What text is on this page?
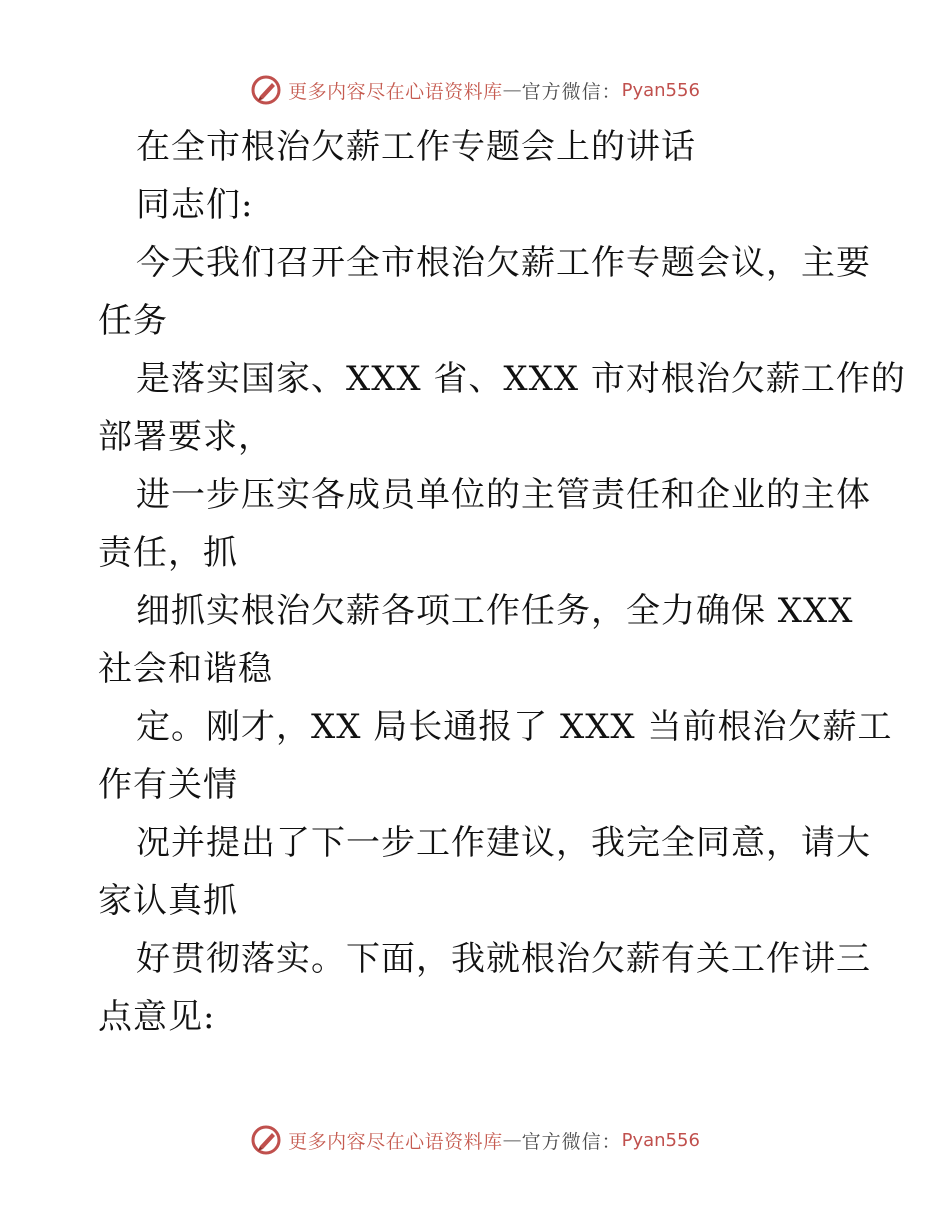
更多内容尽在心语资料库 — 官方微信： Pyan556
在全市根治欠薪工作专题会上的讲话
同志们:
今天我们召开全市根治欠薪工作专题会议，主要
任务
是落实国家、XXX 省、XXX 市对根治欠薪工作的
部署要求，
进一步压实各成员单位的主管责任和企业的主体
责任，抓
细抓实根治欠薪各项工作任务，全力确保 XXX
社会和谐稳
定。刚才，XX 局长通报了 XXX 当前根治欠薪工
作有关情
况并提出了下一步工作建议，我完全同意，请大
家认真抓
好贯彻落实。下面，我就根治欠薪有关工作讲三
点意见:
更多内容尽在心语资料库 — 官方微信： Pyan556
